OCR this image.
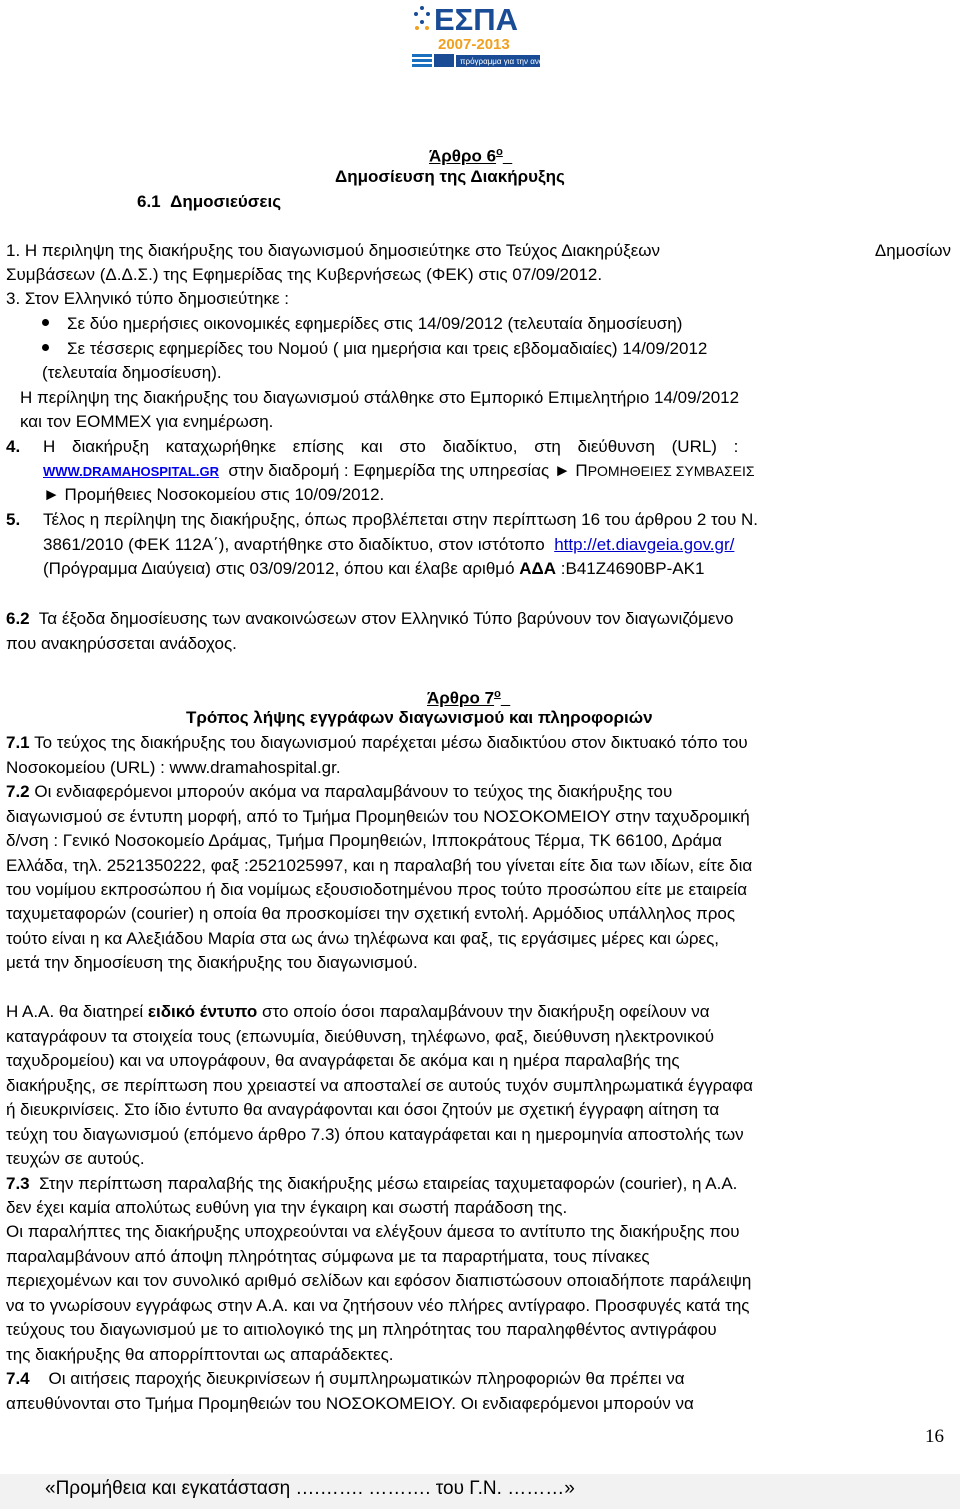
ΕΣΠΑ
2007-2013
πρόγραμμα για την ανάπτυξη
Άρθρο $6^o$
Δημοσίευση της Διακήρυξης
6.1 Δημοσιεύσεις
1. Η περιληψη της διακήρυξης του διαγωνισμού δημοσιεύτηκε στο Τεύχος Διακηρύξεων	Δημοσίων
Συμβάσεων (Δ.Δ.Σ.) της Εφημερίδας της Κυβερνήσεως (ΦΕΚ) στις 07/09/2012.
3. Στον Ελληνικό τύπο δημοσιεύτηκε :
Σε δύο ημερήσιες οικονομικές εφημερίδες στις 14/09/2012 (τελευταία δημοσίευση)
Σε τέσσερις εφημερίδες του Νομού ( μια ημερήσια και τρεις εβδομαδιαίες) 14/09/2012
(τελευταία δημοσίευση).
Η περίληψη της διακήρυξης του διαγωνισμού στάλθηκε στο Εμπορικό Επιμελητήριο 14/09/2012
και τον ΕΟΜΜΕΧ για ενημέρωση.
4. Η διακήρυξη καταχωρήθηκε επίσης και στο διαδίκτυο, στη διεύθυνση (URL) :
WWW.DRAMAHOSPITAL.GR στην διαδρομή : Εφημερίδα της υπηρεσίας ► ΠΡΟΜΗΘΕΙΕΣ ΣΥΜΒΑΣΕΙΣ
► Προμήθειες Νοσοκομείου στις 10/09/2012.
5. Τέλος η περίληψη της διακήρυξης, όπως προβλέπεται στην περίπτωση 16 του άρθρου 2 του Ν.
3861/2010 (ΦΕΚ 112Α΄), αναρτήθηκε στο διαδίκτυο, στον ιστότοπο http://et.diavgeia.gov.gr/
(Πρόγραμμα Διαύγεια) στις 03/09/2012, όπου και έλαβε αριθμό ΑΔΑ :Β41Ζ4690ΒΡ-ΑΚ1
6.2 Τα έξοδα δημοσίευσης των ανακοινώσεων στον Ελληνικό Τύπο βαρύνουν τον διαγωνιζόμενο
που ανακηρύσσεται ανάδοχος.
Άρθρο $7^o$
Τρόπος λήψης εγγράφων διαγωνισμού και πληροφοριών
7.1 Το τεύχος της διακήρυξης του διαγωνισμού παρέχεται μέσω διαδικτύου στον δικτυακό τόπο του
Νοσοκομείου (URL) : www.dramahospital.gr.
7.2 Οι ενδιαφερόμενοι μπορούν ακόμα να παραλαμβάνουν το τεύχος της διακήρυξης του
διαγωνισμού σε έντυπη μορφή, από το Τμήμα Προμηθειών του ΝΟΣΟΚΟΜΕΙΟΥ στην ταχυδρομική
δ/νση : Γενικό Νοσοκομείο Δράμας, Τμήμα Προμηθειών, Ιπποκράτους Τέρμα, ΤΚ 66100, Δράμα
Ελλάδα, τηλ. 2521350222, φαξ :2521025997, και η παραλαβή του γίνεται είτε δια των ιδίων, είτε δια
του νομίμου εκπροσώπου ή δια νομίμως εξουσιοδοτημένου προς τούτο προσώπου είτε με εταιρεία
ταχυμεταφορών (courier) η οποία θα προσκομίσει την σχετική εντολή. Αρμόδιος υπάλληλος προς
τούτο είναι η κα Αλεξιάδου Μαρία στα ως άνω τηλέφωνα και φαξ, τις εργάσιμες μέρες και ώρες,
μετά την δημοσίευση της διακήρυξης του διαγωνισμού.
Η Α.Α. θα διατηρεί ειδικό έντυπο στο οποίο όσοι παραλαμβάνουν την διακήρυξη οφείλουν να
καταγράφουν τα στοιχεία τους (επωνυμία, διεύθυνση, τηλέφωνο, φαξ, διεύθυνση ηλεκτρονικού
ταχυδρομείου) και να υπογράφουν, θα αναγράφεται δε ακόμα και η ημέρα παραλαβής της
διακήρυξης, σε περίπτωση που χρειαστεί να αποσταλεί σε αυτούς τυχόν συμπληρωματικά έγγραφα
ή διευκρινίσεις. Στο ίδιο έντυπο θα αναγράφονται και όσοι ζητούν με σχετική έγγραφη αίτηση τα
τεύχη του διαγωνισμού (επόμενο άρθρο 7.3) όπου καταγράφεται και η ημερομηνία αποστολής των
τευχών σε αυτούς.
7.3 Στην περίπτωση παραλαβής της διακήρυξης μέσω εταιρείας ταχυμεταφορών (courier), η Α.Α.
δεν έχει καμία απολύτως ευθύνη για την έγκαιρη και σωστή παράδοση της.
Οι παραλήπτες της διακήρυξης υποχρεούνται να ελέγξουν άμεσα το αντίτυπο της διακήρυξης που
παραλαμβάνουν από άποψη πληρότητας σύμφωνα με τα παραρτήματα, τους πίνακες
περιεχομένων και τον συνολικό αριθμό σελίδων και εφόσον διαπιστώσουν οποιαδήποτε παράλειψη
να το γνωρίσουν εγγράφως στην Α.Α. και να ζητήσουν νέο πλήρες αντίγραφο. Προσφυγές κατά της
τεύχους του διαγωνισμού με το αιτιολογικό της μη πληρότητας του παραληφθέντος αντιγράφου
της διακήρυξης θα απορρίπτονται ως απαράδεκτες.
7.4 Οι αιτήσεις παροχής διευκρινίσεων ή συμπληρωματικών πληροφοριών θα πρέπει να
απευθύνονται στο Τμήμα Προμηθειών του ΝΟΣΟΚΟΜΕΙΟΥ. Οι ενδιαφερόμενοι μπορούν να
16
«Προμήθεια και εγκατάσταση ….……. ………. του Γ.Ν. ………»
